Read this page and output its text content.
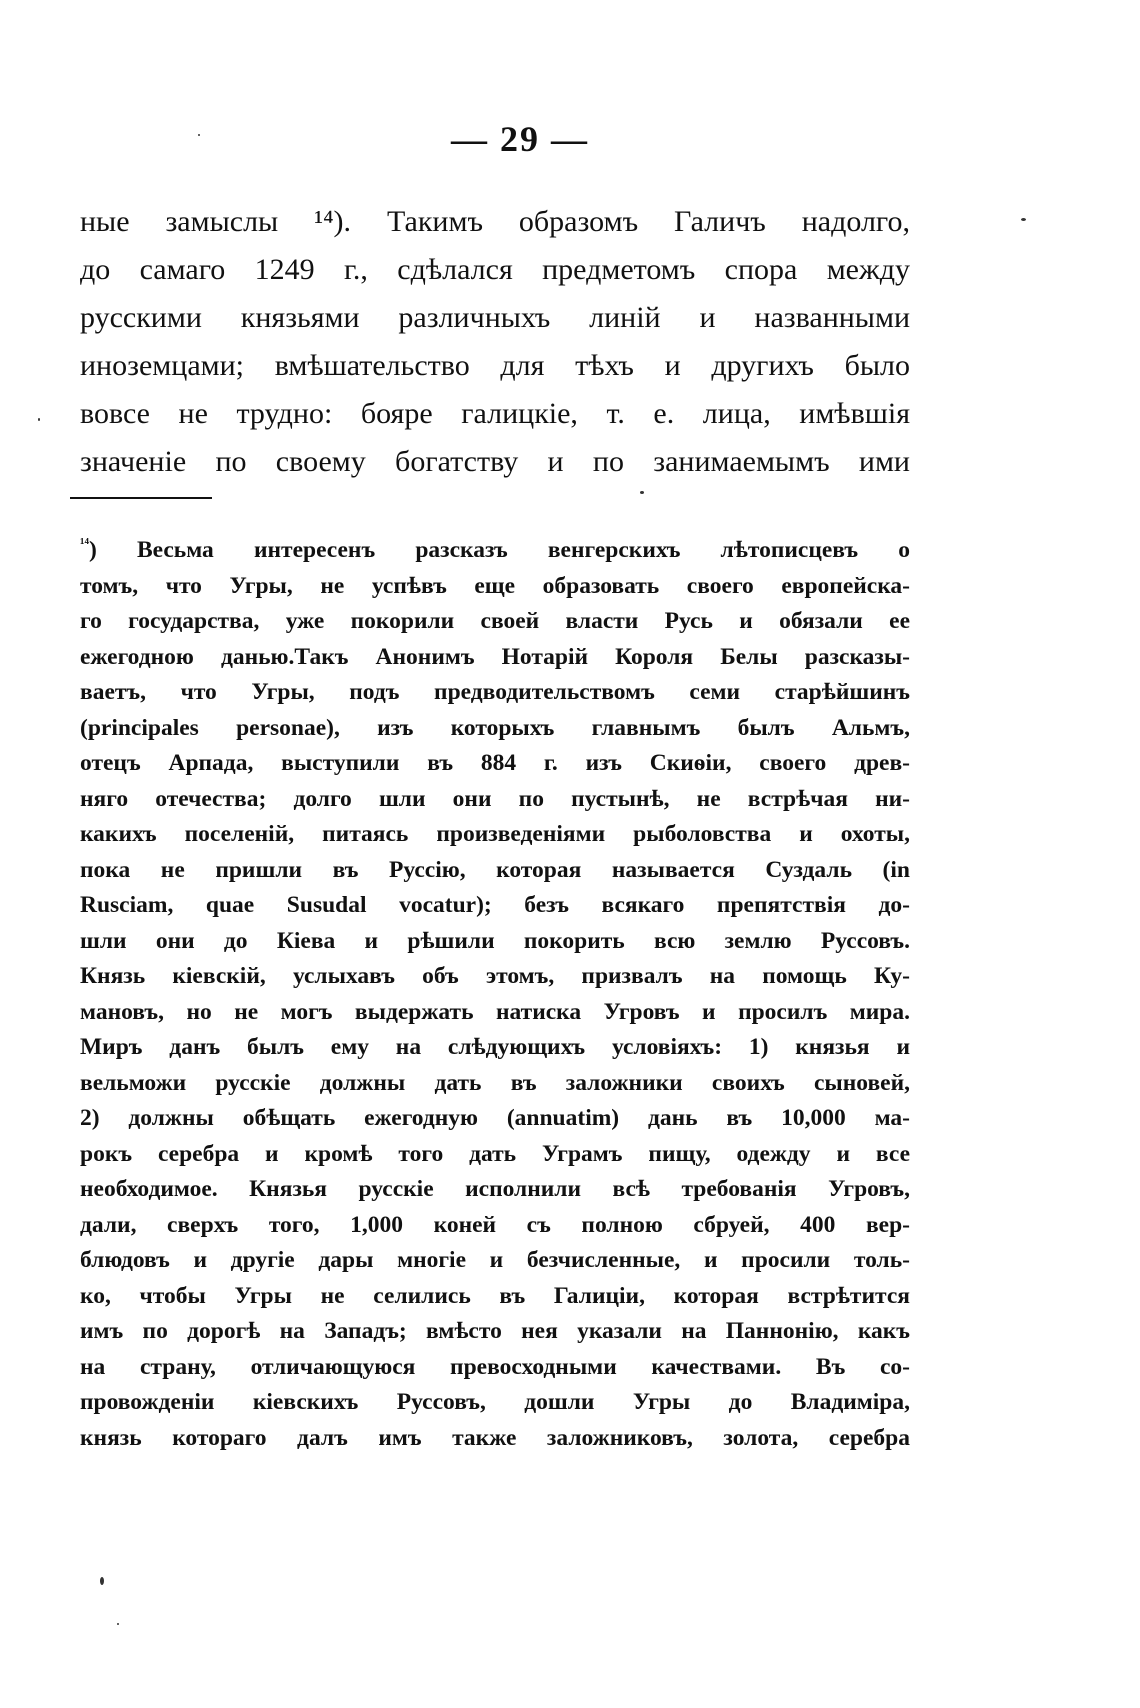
— 29 —
ные замыслы ¹⁴). Такимъ образомъ Галичъ надолго,
до самаго 1249 г., сдѣлался предметомъ спора между
русскими князьями различныхъ линій и названными
иноземцами; вмѣшательство для тѣхъ и другихъ было
вовсе не трудно: бояре галицкіе, т. е. лица, имѣвшія
значеніе по своему богатству и по занимаемымъ ими
$^{^{14}}$) Весьма интересенъ разсказъ венгерскихъ лѣтописцевъ о
томъ, что Угры, не успѣвъ еще образовать своего европейска-
го государства, уже покорили своей власти Русь и обязали ее
ежегодною данью.Такъ Анонимъ Нотарій Короля Белы разсказы-
ваетъ, что Угры, подъ предводительствомъ семи старѣйшинъ
(principales personae), изъ которыхъ главнымъ былъ Альмъ,
отецъ Арпада, выступили въ 884 г. изъ Скиѳіи, своего древ-
няго отечества; долго шли они по пустынѣ, не встрѣчая ни-
какихъ поселеній, питаясь произведеніями рыболовства и охоты,
пока не пришли въ Руссію, которая называется Суздаль (in
Rusciam, quae Susudal vocatur); безъ всякаго препятствія до-
шли они до Кіева и рѣшили покорить всю землю Руссовъ.
Князь кіевскій, услыхавъ объ этомъ, призвалъ на помощь Ку-
мановъ, но не могъ выдержать натиска Угровъ и просилъ мира.
Миръ данъ былъ ему на слѣдующихъ условіяхъ: 1) князья и
вельможи русскіе должны дать въ заложники своихъ сыновей,
2) должны обѣщать ежегодную (annuatim) дань въ 10,000 ма-
рокъ серебра и кромѣ того дать Уграмъ пищу, одежду и все
необходимое. Князья русскіе исполнили всѣ требованія Угровъ,
дали, сверхъ того, 1,000 коней съ полною сбруей, 400 вер-
блюдовъ и другіе дары многіе и безчисленные, и просили толь-
ко, чтобы Угры не селились въ Галиціи, которая встрѣтится
имъ по дорогѣ на Западъ; вмѣсто нея указали на Паннонію, какъ
на страну, отличающуюся превосходными качествами. Въ со-
провожденіи кіевскихъ Руссовъ, дошли Угры до Владиміра,
князь котораго далъ имъ также заложниковъ, золота, серебра
